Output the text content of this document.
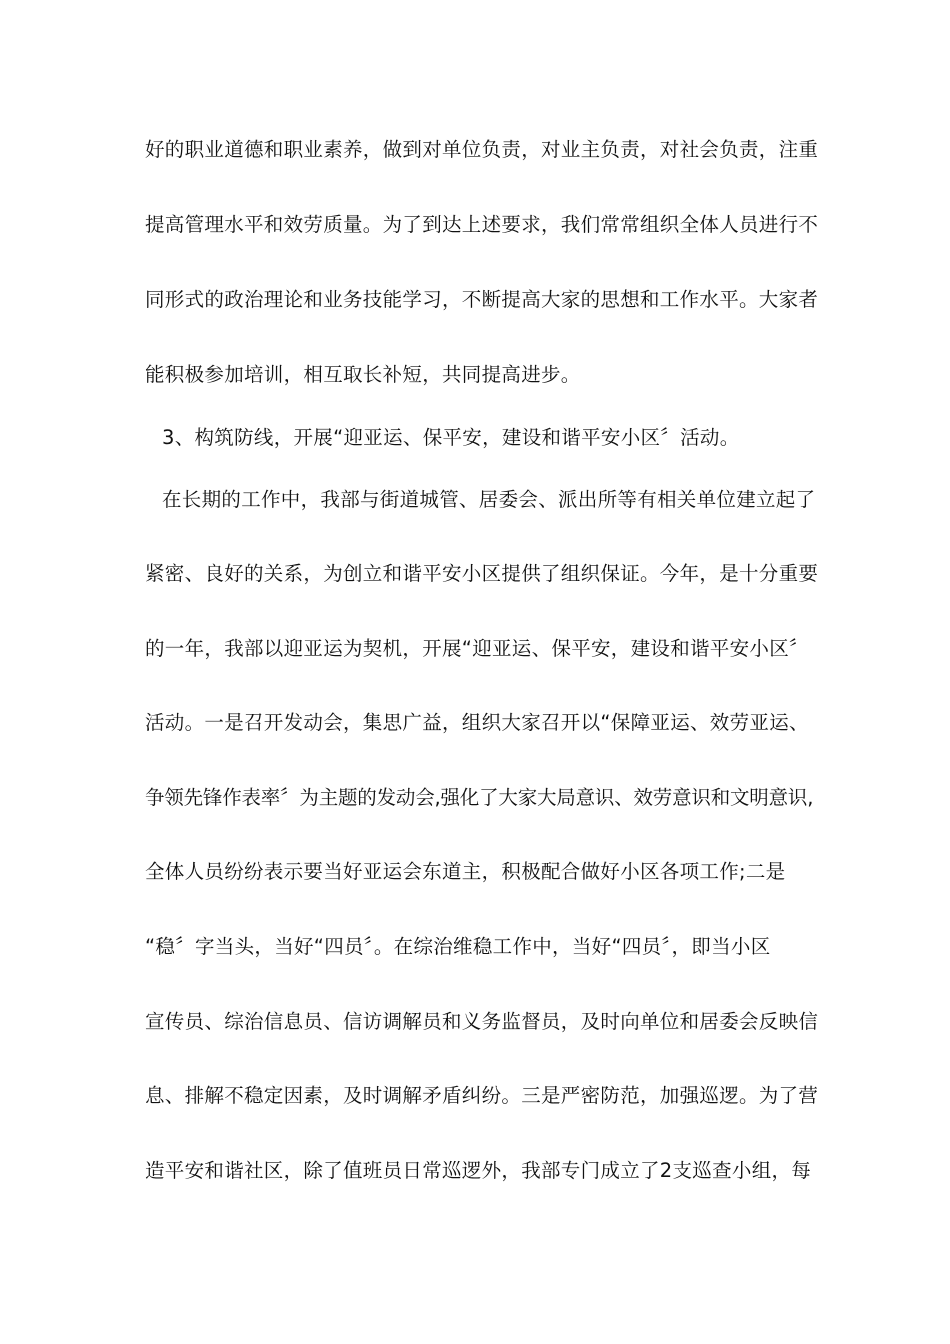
好的职业道德和职业素养，做到对单位负责，对业主负责，对社会负责，注重
提高管理水平和效劳质量。为了到达上述要求，我们常常组织全体人员进行不
同形式的政治理论和业务技能学习，不断提高大家的思想和工作水平。大家者
能积极参加培训，相互取长补短，共同提高进步。
3、构筑防线，开展“迎亚运、保平安，建设和谐平安小区〞活动。
在长期的工作中，我部与街道城管、居委会、派出所等有相关单位建立起了
紧密、良好的关系，为创立和谐平安小区提供了组织保证。今年，是十分重要
的一年，我部以迎亚运为契机，开展“迎亚运、保平安，建设和谐平安小区〞
活动。一是召开发动会，集思广益，组织大家召开以“保障亚运、效劳亚运、
争领先锋作表率〞为主题的发动会,强化了大家大局意识、效劳意识和文明意识,
全体人员纷纷表示要当好亚运会东道主，积极配合做好小区各项工作;二是
“稳〞字当头，当好“四员〞。在综治维稳工作中，当好“四员〞，即当小区
宣传员、综治信息员、信访调解员和义务监督员，及时向单位和居委会反映信
息、排解不稳定因素，及时调解矛盾纠纷。三是严密防范，加强巡逻。为了营
造平安和谐社区，除了值班员日常巡逻外，我部专门成立了2支巡查小组，每
